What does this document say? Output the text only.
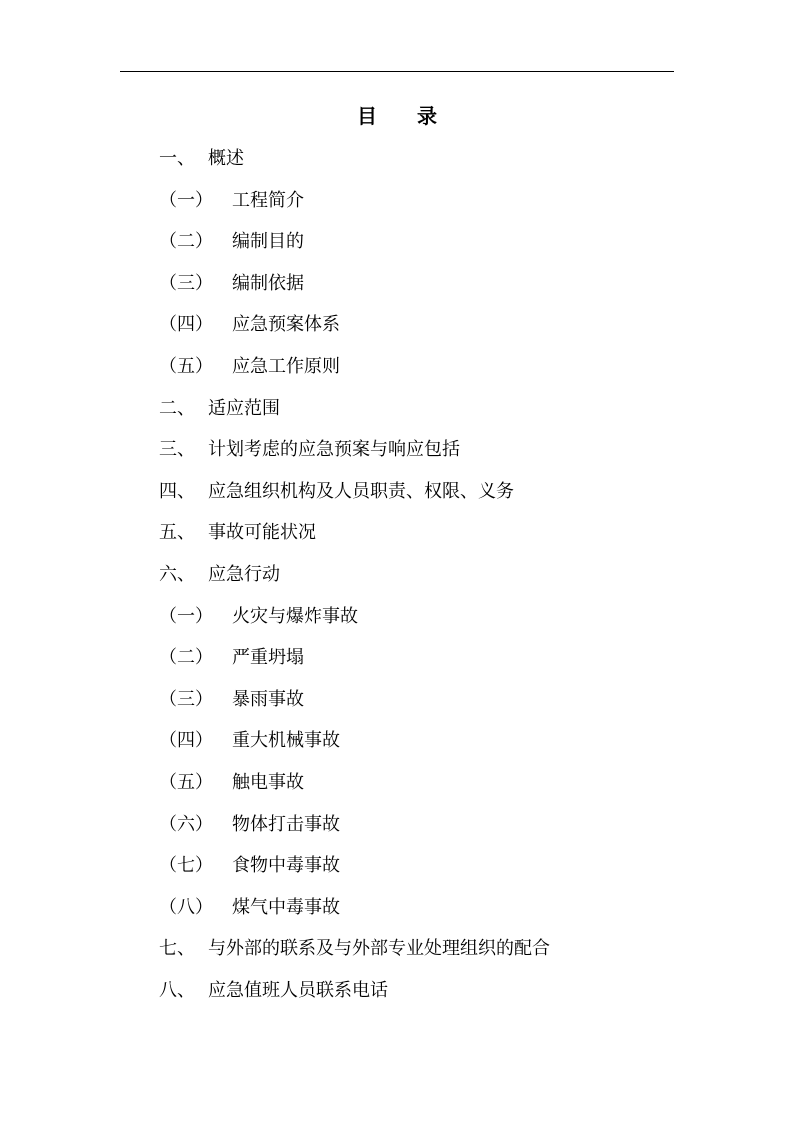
目录
一、 概述
（一） 工程简介
（二） 编制目的
（三） 编制依据
（四） 应急预案体系
（五） 应急工作原则
二、 适应范围
三、 计划考虑的应急预案与响应包括
四、 应急组织机构及人员职责、权限、义务
五、 事故可能状况
六、 应急行动
（一） 火灾与爆炸事故
（二） 严重坍塌
（三） 暴雨事故
（四） 重大机械事故
（五） 触电事故
（六） 物体打击事故
（七） 食物中毒事故
（八） 煤气中毒事故
七、 与外部的联系及与外部专业处理组织的配合
八、 应急值班人员联系电话
